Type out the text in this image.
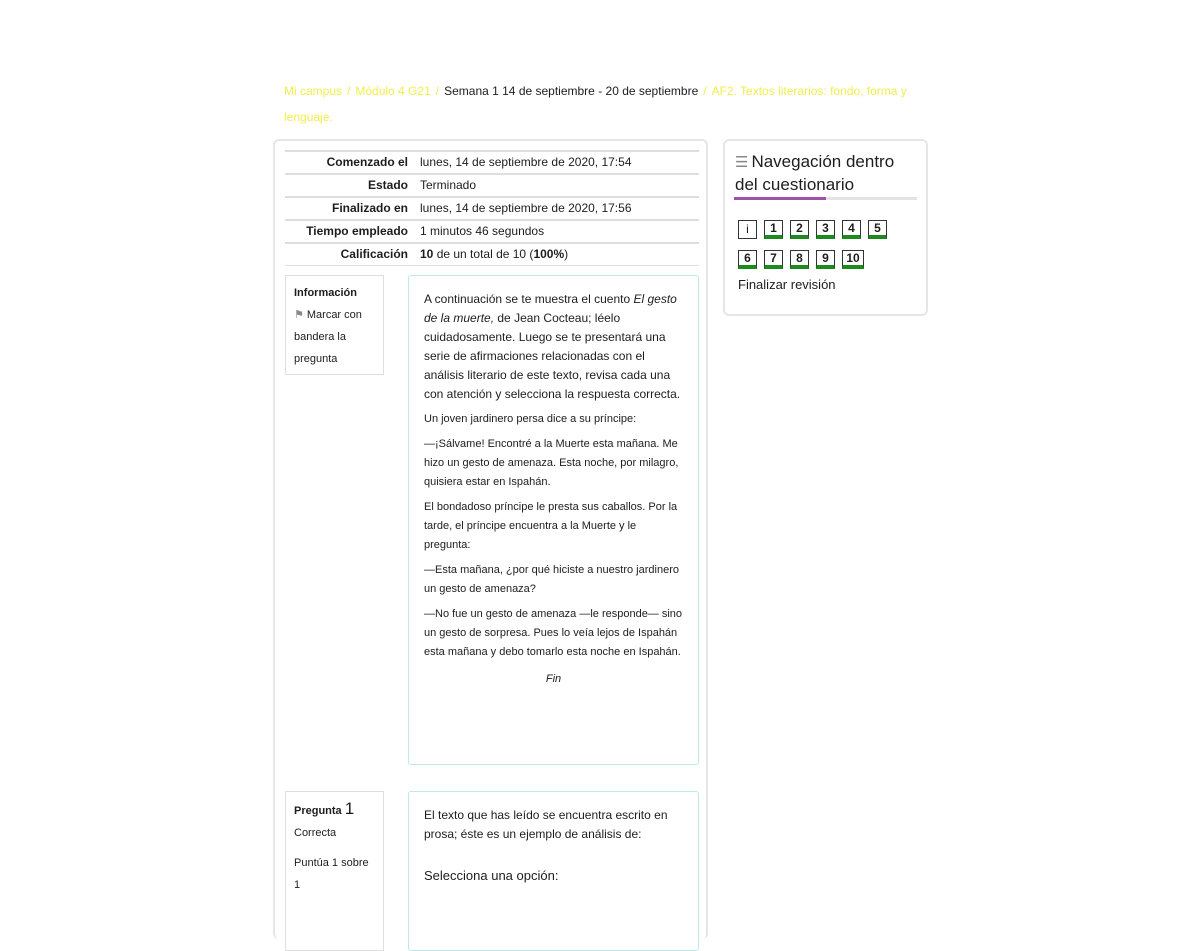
Mi campus / Módulo 4 G21 / Semana 1 14 de septiembre - 20 de septiembre / AF2. Textos literarios: fondo, forma y lenguaje.
Comenzado el	lunes, 14 de septiembre de 2020, 17:54
Estado	Terminado
Finalizado en	lunes, 14 de septiembre de 2020, 17:56
Tiempo empleado	1 minutos 46 segundos
Calificación	10 de un total de 10 (100%)
Información
⚑ Marcar con bandera la pregunta

A continuación se te muestra el cuento El gesto de la muerte, de Jean Cocteau; léelo cuidadosamente. Luego se te presentará una serie de afirmaciones relacionadas con el análisis literario de este texto, revisa cada una con atención y selecciona la respuesta correcta.

Un joven jardinero persa dice a su príncipe:

—¡Sálvame! Encontré a la Muerte esta mañana. Me hizo un gesto de amenaza. Esta noche, por milagro, quisiera estar en Ispahán.

El bondadoso príncipe le presta sus caballos. Por la tarde, el príncipe encuentra a la Muerte y le pregunta:

—Esta mañana, ¿por qué hiciste a nuestro jardinero un gesto de amenaza?

—No fue un gesto de amenaza —le responde— sino un gesto de sorpresa. Pues lo veía lejos de Ispahán esta mañana y debo tomarlo esta noche en Ispahán.

Fin

Pregunta 1
Correcta
Puntúa 1 sobre 1

El texto que has leído se encuentra escrito en prosa; éste es un ejemplo de análisis de:

Selecciona una opción:

☰ Navegación dentro del cuestionario
i	1	2	3	4	5
6	7	8	9	10
Finalizar revisión
